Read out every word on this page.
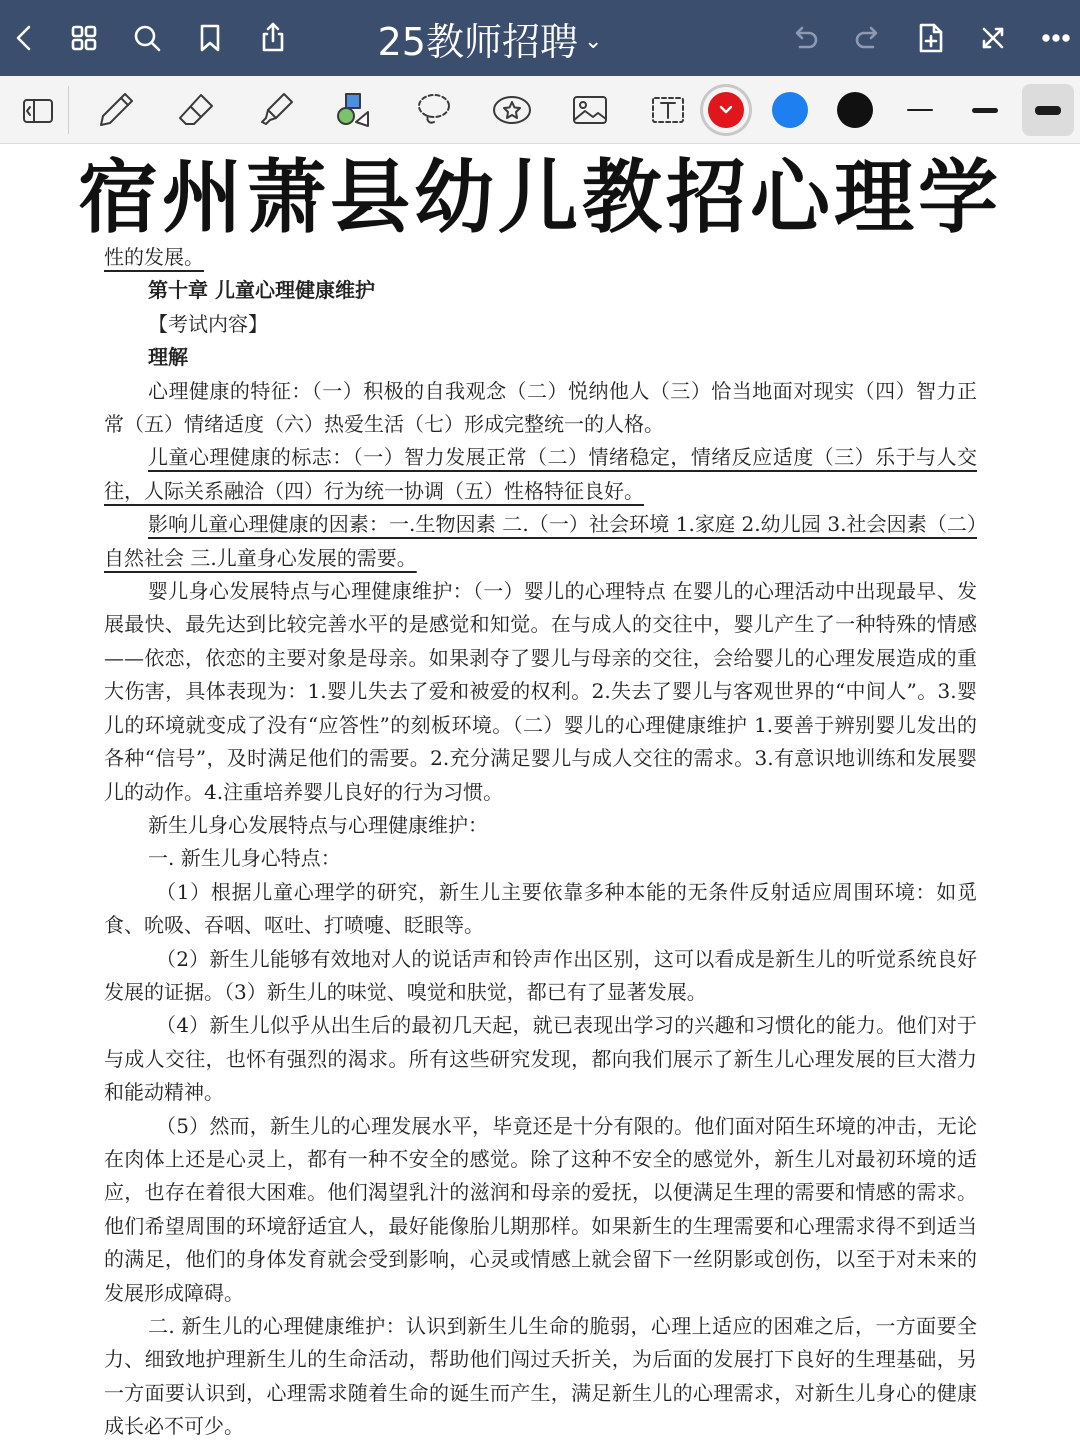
25教师招聘 ⌄
宿州萧县幼儿教招心理学

性的发展。

第十章 儿童心理健康维护

【考试内容】

理解

心理健康的特征：（一）积极的自我观念（二）悦纳他人（三）恰当地面对现实（四）智力正常（五）情绪适度（六）热爱生活（七）形成完整统一的人格。

儿童心理健康的标志：（一）智力发展正常（二）情绪稳定，情绪反应适度（三）乐于与人交往，人际关系融洽（四）行为统一协调（五）性格特征良好。

影响儿童心理健康的因素：一.生物因素 二.（一）社会环境 1.家庭 2.幼儿园 3.社会因素（二）自然社会 三.儿童身心发展的需要。

婴儿身心发展特点与心理健康维护：（一）婴儿的心理特点 在婴儿的心理活动中出现最早、发展最快、最先达到比较完善水平的是感觉和知觉。在与成人的交往中，婴儿产生了一种特殊的情感——依恋，依恋的主要对象是母亲。如果剥夺了婴儿与母亲的交往，会给婴儿的心理发展造成的重大伤害，具体表现为：1.婴儿失去了爱和被爱的权利。2.失去了婴儿与客观世界的“中间人”。3.婴儿的环境就变成了没有“应答性”的刻板环境。（二）婴儿的心理健康维护 1.要善于辨别婴儿发出的各种“信号”，及时满足他们的需要。2.充分满足婴儿与成人交往的需求。3.有意识地训练和发展婴儿的动作。4.注重培养婴儿良好的行为习惯。

新生儿身心发展特点与心理健康维护：

一. 新生儿身心特点：

（1）根据儿童心理学的研究，新生儿主要依靠多种本能的无条件反射适应周围环境：如觅食、吮吸、吞咽、呕吐、打喷嚏、眨眼等。

（2）新生儿能够有效地对人的说话声和铃声作出区别，这可以看成是新生儿的听觉系统良好发展的证据。（3）新生儿的味觉、嗅觉和肤觉，都已有了显著发展。

（4）新生儿似乎从出生后的最初几天起，就已表现出学习的兴趣和习惯化的能力。他们对于与成人交往，也怀有强烈的渴求。所有这些研究发现，都向我们展示了新生儿心理发展的巨大潜力和能动精神。

（5）然而，新生儿的心理发展水平，毕竟还是十分有限的。他们面对陌生环境的冲击，无论在肉体上还是心灵上，都有一种不安全的感觉。除了这种不安全的感觉外，新生儿对最初环境的适应，也存在着很大困难。他们渴望乳汁的滋润和母亲的爱抚，以便满足生理的需要和情感的需求。他们希望周围的环境舒适宜人，最好能像胎儿期那样。如果新生的生理需要和心理需求得不到适当的满足，他们的身体发育就会受到影响，心灵或情感上就会留下一丝阴影或创伤，以至于对未来的发展形成障碍。

二. 新生儿的心理健康维护：认识到新生儿生命的脆弱，心理上适应的困难之后，一方面要全力、细致地护理新生儿的生命活动，帮助他们闯过夭折关，为后面的发展打下良好的生理基础，另一方面要认识到，心理需求随着生命的诞生而产生，满足新生儿的心理需求，对新生儿身心的健康成长必不可少。
